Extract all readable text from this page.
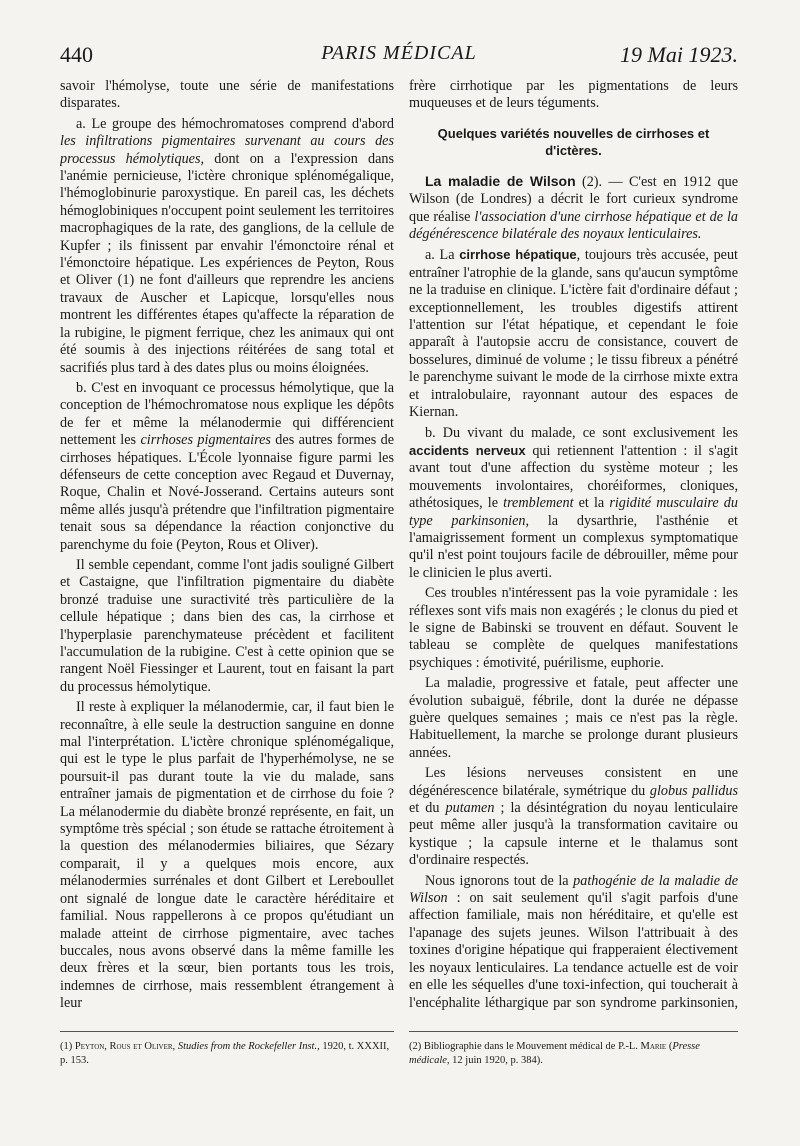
440	PARIS MÉDICAL	19 Mai 1923.

savoir l'hémolyse, toute une série de manifestations disparates.

a. Le groupe des hémochromatoses comprend d'abord les infiltrations pigmentaires survenant au cours des processus hémolytiques, dont on a l'expression dans l'anémie pernicieuse, l'ictère chronique splénomégalique, l'hémoglobinurie paroxystique. En pareil cas, les déchets hémoglobiniques n'occupent point seulement les territoires macrophagiques de la rate, des ganglions, de la cellule de Kupfer ; ils finissent par envahir l'émonctoire rénal et l'émonctoire hépatique. Les expériences de Peyton, Rous et Oliver (1) ne font d'ailleurs que reprendre les anciens travaux de Auscher et Lapicque, lorsqu'elles nous montrent les différentes étapes qu'affecte la réparation de la rubigine, le pigment ferrique, chez les animaux qui ont été soumis à des injections réitérées de sang total et sacrifiés plus tard à des dates plus ou moins éloignées.

b. C'est en invoquant ce processus hémolytique, que la conception de l'hémochromatose nous explique les dépôts de fer et même la mélanodermie qui différencient nettement les cirrhoses pigmentaires des autres formes de cirrhoses hépatiques. L'École lyonnaise figure parmi les défenseurs de cette conception avec Regaud et Duvernay, Roque, Chalin et Nové-Josserand. Certains auteurs sont même allés jusqu'à prétendre que l'infiltration pigmentaire tenait sous sa dépendance la réaction conjonctive du parenchyme du foie (Peyton, Rous et Oliver).

Il semble cependant, comme l'ont jadis souligné Gilbert et Castaigne, que l'infiltration pigmentaire du diabète bronzé traduise une suractivité très particulière de la cellule hépatique ; dans bien des cas, la cirrhose et l'hyperplasie parenchymateuse précèdent et facilitent l'accumulation de la rubigine. C'est à cette opinion que se rangent Noël Fiessinger et Laurent, tout en faisant la part du processus hémolytique.

Il reste à expliquer la mélanodermie, car, il faut bien le reconnaître, à elle seule la destruction sanguine en donne mal l'interprétation. L'ictère chronique splénomégalique, qui est le type le plus parfait de l'hyperhémolyse, ne se poursuit-il pas durant toute la vie du malade, sans entraîner jamais de pigmentation et de cirrhose du foie ? La mélanodermie du diabète bronzé représente, en fait, un symptôme très spécial ; son étude se rattache étroitement à la question des mélanodermies biliaires, que Sézary comparait, il y a quelques mois encore, aux mélanodermies surrénales et dont Gilbert et Lereboullet ont signalé de longue date le caractère héréditaire et familial. Nous rappellerons à ce propos qu'étudiant un malade atteint de cirrhose pigmentaire, avec taches buccales, nous avons observé dans la même famille les deux frères et la sœur, bien portants tous les trois, indemnes de cirrhose, mais ressemblent étrangement à leur

(1) Peyton, Rous et Oliver, Studies from the Rockefeller Inst., 1920, t. XXXII, p. 153.

frère cirrhotique par les pigmentations de leurs muqueuses et de leurs téguments.

Quelques variétés nouvelles de cirrhoses et d'ictères.

La maladie de Wilson (2). — C'est en 1912 que Wilson (de Londres) a décrit le fort curieux syndrome que réalise l'association d'une cirrhose hépatique et de la dégénérescence bilatérale des noyaux lenticulaires.

a. La cirrhose hépatique, toujours très accusée, peut entraîner l'atrophie de la glande, sans qu'aucun symptôme ne la traduise en clinique. L'ictère fait d'ordinaire défaut ; exceptionnellement, les troubles digestifs attirent l'attention sur l'état hépatique, et cependant le foie apparaît à l'autopsie accru de consistance, couvert de bosselures, diminué de volume ; le tissu fibreux a pénétré le parenchyme suivant le mode de la cirrhose mixte extra et intralobulaire, rayonnant autour des espaces de Kiernan.

b. Du vivant du malade, ce sont exclusivement les accidents nerveux qui retiennent l'attention : il s'agit avant tout d'une affection du système moteur ; les mouvements involontaires, choréiformes, cloniques, athétosiques, le tremblement et la rigidité musculaire du type parkinsonien, la dysarthrie, l'asthénie et l'amaigrissement forment un complexus symptomatique qu'il n'est point toujours facile de débrouiller, même pour le clinicien le plus averti.

Ces troubles n'intéressent pas la voie pyramidale : les réflexes sont vifs mais non exagérés ; le clonus du pied et le signe de Babinski se trouvent en défaut. Souvent le tableau se complète de quelques manifestations psychiques : émotivité, puérilisme, euphorie.

La maladie, progressive et fatale, peut affecter une évolution subaiguë, fébrile, dont la durée ne dépasse guère quelques semaines ; mais ce n'est pas la règle. Habituellement, la marche se prolonge durant plusieurs années.

Les lésions nerveuses consistent en une dégénérescence bilatérale, symétrique du globus pallidus et du putamen ; la désintégration du noyau lenticulaire peut même aller jusqu'à la transformation cavitaire ou kystique ; la capsule interne et le thalamus sont d'ordinaire respectés.

Nous ignorons tout de la pathogénie de la maladie de Wilson : on sait seulement qu'il s'agit parfois d'une affection familiale, mais non héréditaire, et qu'elle est l'apanage des sujets jeunes. Wilson l'attribuait à des toxines d'origine hépatique qui frapperaient électivement les noyaux lenticulaires. La tendance actuelle est de voir en elle les séquelles d'une toxi-infection, qui toucherait à l'encéphalite léthargique par son syndrome parkinsonien,

(2) Bibliographie dans le Mouvement médical de P.-L. Marie (Presse médicale, 12 juin 1920, p. 384).
